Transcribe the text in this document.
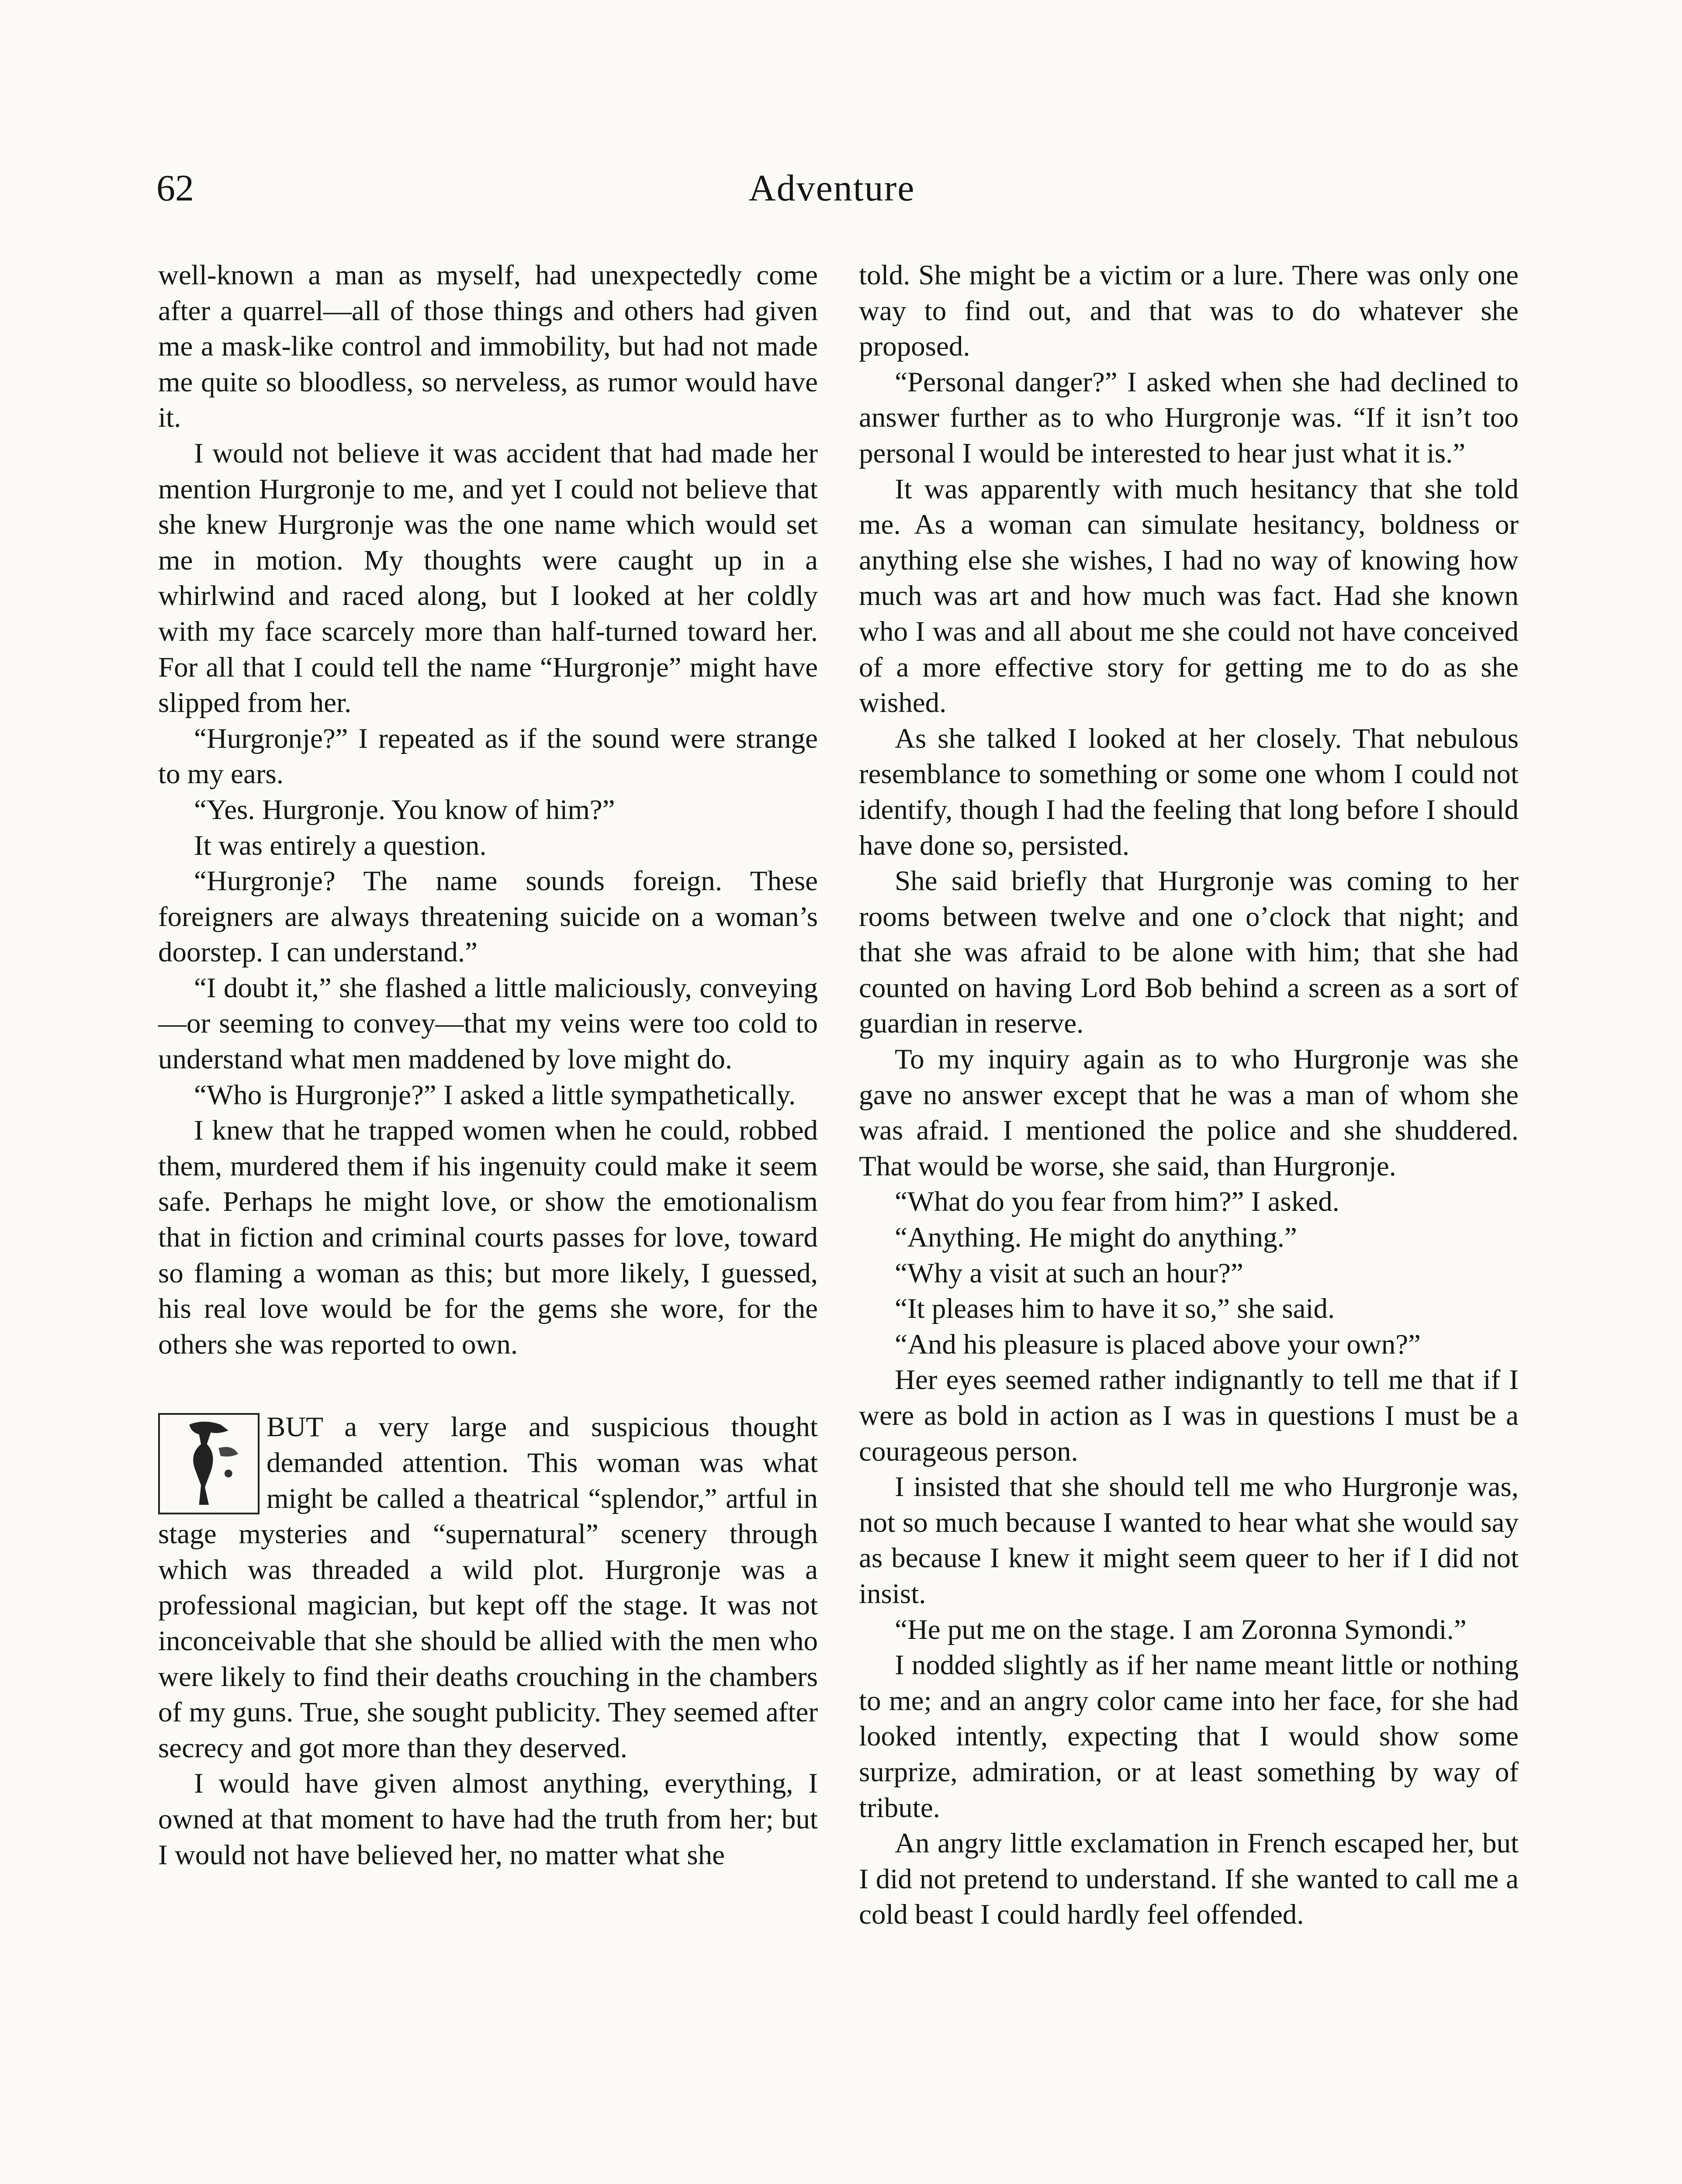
62	Adventure

well-known a man as myself, had unexpectedly come after a quarrel—all of those things and others had given me a mask-like control and immobility, but had not made me quite so bloodless, so nerveless, as rumor would have it.

I would not believe it was accident that had made her mention Hurgronje to me, and yet I could not believe that she knew Hurgronje was the one name which would set me in motion. My thoughts were caught up in a whirlwind and raced along, but I looked at her coldly with my face scarcely more than half-turned toward her. For all that I could tell the name “Hurgronje” might have slipped from her.

“Hurgronje?” I repeated as if the sound were strange to my ears.

“Yes. Hurgronje. You know of him?”

It was entirely a question.

“Hurgronje? The name sounds foreign. These foreigners are always threatening suicide on a woman’s doorstep. I can understand.”

“I doubt it,” she flashed a little maliciously, conveying—or seeming to convey—that my veins were too cold to understand what men maddened by love might do.

“Who is Hurgronje?” I asked a little sympathetically.

I knew that he trapped women when he could, robbed them, murdered them if his ingenuity could make it seem safe. Perhaps he might love, or show the emotionalism that in fiction and criminal courts passes for love, toward so flaming a woman as this; but more likely, I guessed, his real love would be for the gems she wore, for the others she was reported to own.

BUT a very large and suspicious thought demanded attention. This woman was what might be called a theatrical “splendor,” artful in stage mysteries and “supernatural” scenery through which was threaded a wild plot. Hurgronje was a professional magician, but kept off the stage. It was not inconceivable that she should be allied with the men who were likely to find their deaths crouching in the chambers of my guns. True, she sought publicity. They seemed after secrecy and got more than they deserved.

I would have given almost anything, everything, I owned at that moment to have had the truth from her; but I would not have believed her, no matter what she

told. She might be a victim or a lure. There was only one way to find out, and that was to do whatever she proposed.

“Personal danger?” I asked when she had declined to answer further as to who Hurgronje was. “If it isn’t too personal I would be interested to hear just what it is.”

It was apparently with much hesitancy that she told me. As a woman can simulate hesitancy, boldness or anything else she wishes, I had no way of knowing how much was art and how much was fact. Had she known who I was and all about me she could not have conceived of a more effective story for getting me to do as she wished.

As she talked I looked at her closely. That nebulous resemblance to something or some one whom I could not identify, though I had the feeling that long before I should have done so, persisted.

She said briefly that Hurgronje was coming to her rooms between twelve and one o’clock that night; and that she was afraid to be alone with him; that she had counted on having Lord Bob behind a screen as a sort of guardian in reserve.

To my inquiry again as to who Hurgronje was she gave no answer except that he was a man of whom she was afraid. I mentioned the police and she shuddered. That would be worse, she said, than Hurgronje.

“What do you fear from him?” I asked.

“Anything. He might do anything.”

“Why a visit at such an hour?”

“It pleases him to have it so,” she said.

“And his pleasure is placed above your own?”

Her eyes seemed rather indignantly to tell me that if I were as bold in action as I was in questions I must be a courageous person.

I insisted that she should tell me who Hurgronje was, not so much because I wanted to hear what she would say as because I knew it might seem queer to her if I did not insist.

“He put me on the stage. I am Zoronna Symondi.”

I nodded slightly as if her name meant little or nothing to me; and an angry color came into her face, for she had looked intently, expecting that I would show some surprize, admiration, or at least something by way of tribute.

An angry little exclamation in French escaped her, but I did not pretend to understand. If she wanted to call me a cold beast I could hardly feel offended.
